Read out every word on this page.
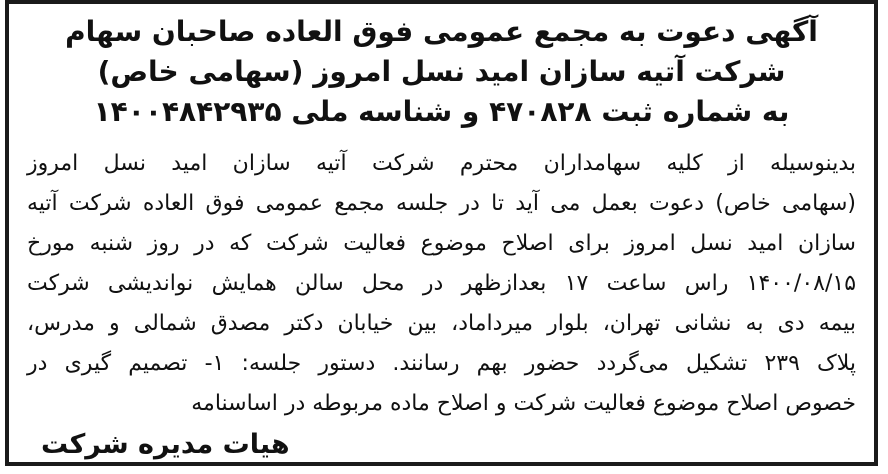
آگهی دعوت به مجمع عمومی فوق العاده صاحبان سهام
شرکت آتیه سازان امید نسل امروز (سهامی خاص)
به شماره ثبت ۴۷۰۸۲۸ و شناسه ملی ۱۴۰۰۴۸۴۲۹۳۵
بدینوسیله از کلیه سهامداران محترم شرکت آتیه سازان امید نسل امروز
(سهامی خاص) دعوت بعمل می آید تا در جلسه مجمع عمومی فوق العاده شرکت آتیه
سازان امید نسل امروز برای اصلاح موضوع فعالیت شرکت که در روز شنبه مورخ
۱۴۰۰/۰۸/۱۵ راس ساعت ۱۷ بعدازظهر در محل سالن همایش نواندیشی شرکت
بیمه دی به نشانی تهران، بلوار میرداماد، بین خیابان دکتر مصدق شمالی و مدرس،
پلاک ۲۳۹ تشکیل می‌گردد حضور بهم رسانند. دستور جلسه: ۱- تصمیم گیری در
خصوص اصلاح موضوع فعالیت شرکت و اصلاح ماده مربوطه در اساسنامه
هیات مدیره شرکت
